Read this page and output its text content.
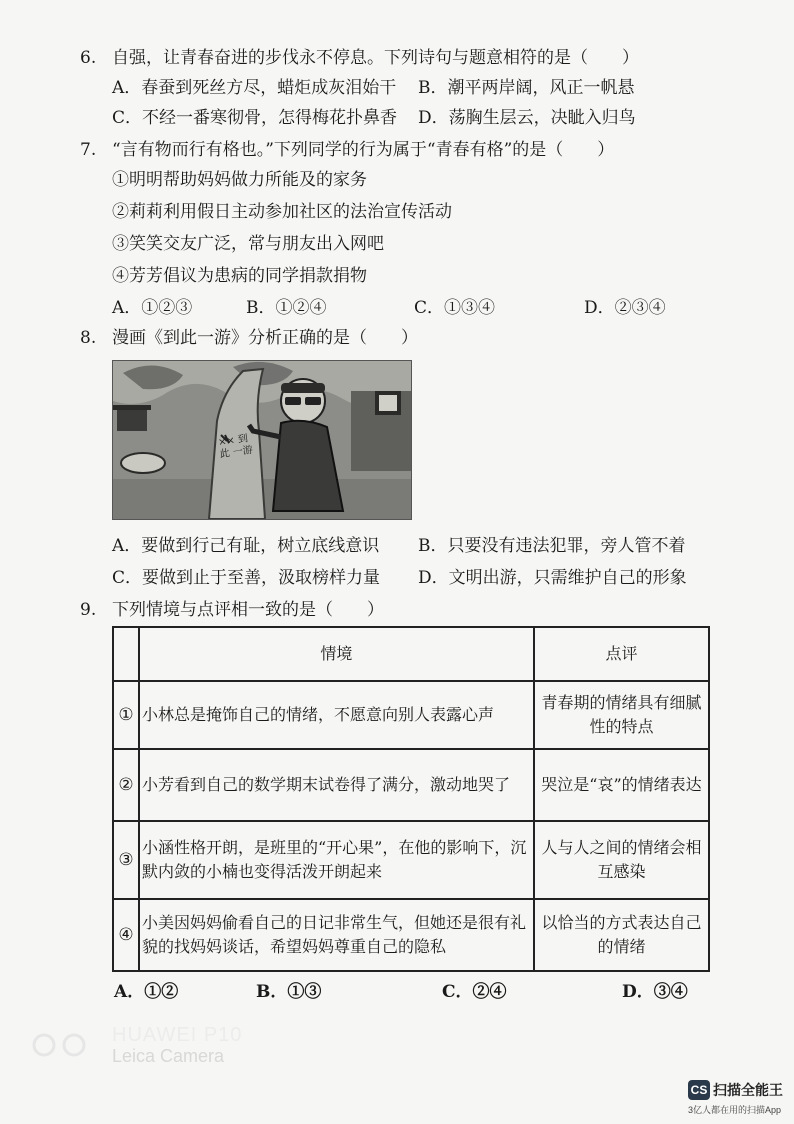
6. 自强，让青春奋进的步伐永不停息。下列诗句与题意相符的是（　　）
A．春蚕到死丝方尽，蜡炬成灰泪始干 B．潮平两岸阔，风正一帆悬
C．不经一番寒彻骨，怎得梅花扑鼻香 D．荡胸生层云，决眦入归鸟
7. “言有物而行有格也。”下列同学的行为属于“青春有格”的是（　　）
①明明帮助妈妈做力所能及的家务
②莉莉利用假日主动参加社区的法治宣传活动
③笑笑交友广泛，常与朋友出入网吧
④芳芳倡议为患病的同学捐款捐物
A．①②③	B．①②④	C．①③④	D．②③④
8. 漫画《到此一游》分析正确的是（　　）
×× 到此 一游
A．要做到行己有耻，树立底线意识 B．只要没有违法犯罪，旁人管不着
C．要做到止于至善，汲取榜样力量 D．文明出游，只需维护自己的形象
9. 下列情境与点评相一致的是（　　）
	情境	点评
①	小林总是掩饰自己的情绪，不愿意向别人表露心声	青春期的情绪具有细腻性的特点
②	小芳看到自己的数学期末试卷得了满分，激动地哭了	哭泣是“哀”的情绪表达
③	小涵性格开朗，是班里的“开心果”，在他的影响下，沉默内敛的小楠也变得活泼开朗起来	人与人之间的情绪会相互感染
④	小美因妈妈偷看自己的日记非常生气，但她还是很有礼貌的找妈妈谈话，希望妈妈尊重自己的隐私	以恰当的方式表达自己的情绪
A．①②	B．①③	C．②④	D．③④
HUAWEI P10
Leica Camera
CS 扫描全能王
3亿人都在用的扫描App
